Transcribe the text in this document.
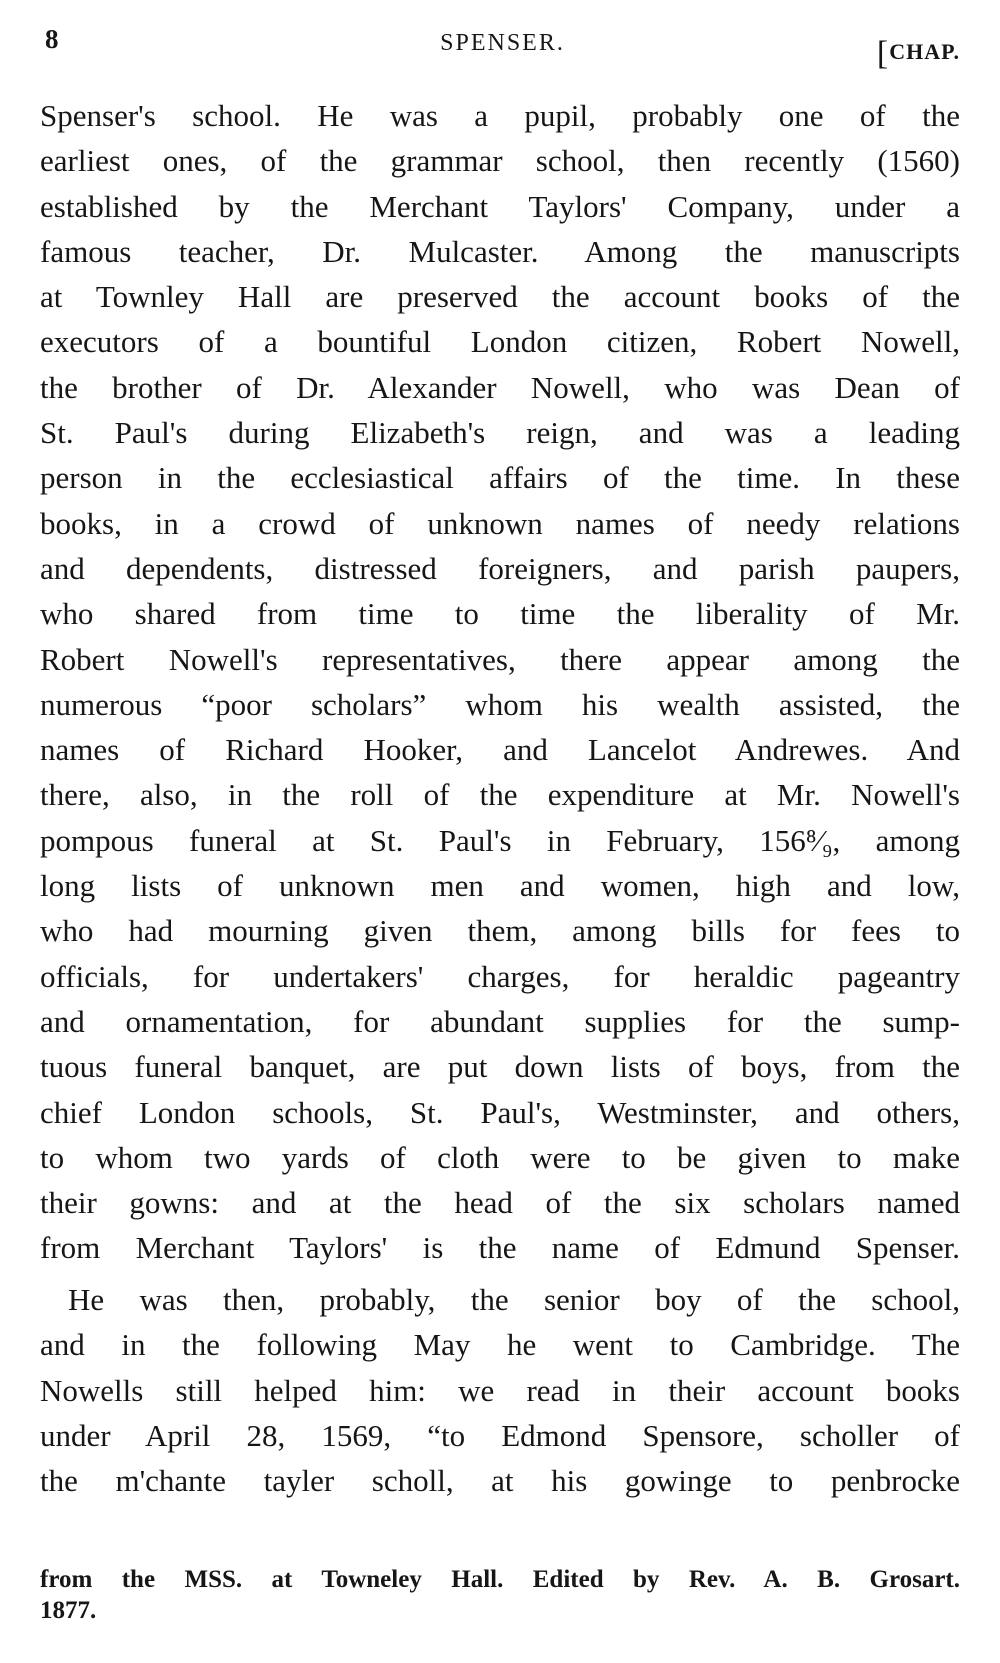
8	SPENSER.	[CHAP.
Spenser's school. He was a pupil, probably one of the
earliest ones, of the grammar school, then recently (1560)
established by the Merchant Taylors' Company, under a
famous teacher, Dr. Mulcaster. Among the manuscripts
at Townley Hall are preserved the account books of the
executors of a bountiful London citizen, Robert Nowell,
the brother of Dr. Alexander Nowell, who was Dean of
St. Paul's during Elizabeth's reign, and was a leading
person in the ecclesiastical affairs of the time. In these
books, in a crowd of unknown names of needy relations
and dependents, distressed foreigners, and parish paupers,
who shared from time to time the liberality of Mr.
Robert Nowell's representatives, there appear among the
numerous “poor scholars” whom his wealth assisted, the
names of Richard Hooker, and Lancelot Andrewes. And
there, also, in the roll of the expenditure at Mr. Nowell's
pompous funeral at St. Paul's in February, 156⁸⁄₉, among
long lists of unknown men and women, high and low,
who had mourning given them, among bills for fees to
officials, for undertakers' charges, for heraldic pageantry
and ornamentation, for abundant supplies for the sump-
tuous funeral banquet, are put down lists of boys, from the
chief London schools, St. Paul's, Westminster, and others,
to whom two yards of cloth were to be given to make
their gowns: and at the head of the six scholars named
from Merchant Taylors' is the name of Edmund Spenser.
He was then, probably, the senior boy of the school,
and in the following May he went to Cambridge. The
Nowells still helped him: we read in their account books
under April 28, 1569, “to Edmond Spensore, scholler of
the m'chante tayler scholl, at his gowinge to penbrocke
from the MSS. at Towneley Hall. Edited by Rev. A. B. Grosart.
1877.
